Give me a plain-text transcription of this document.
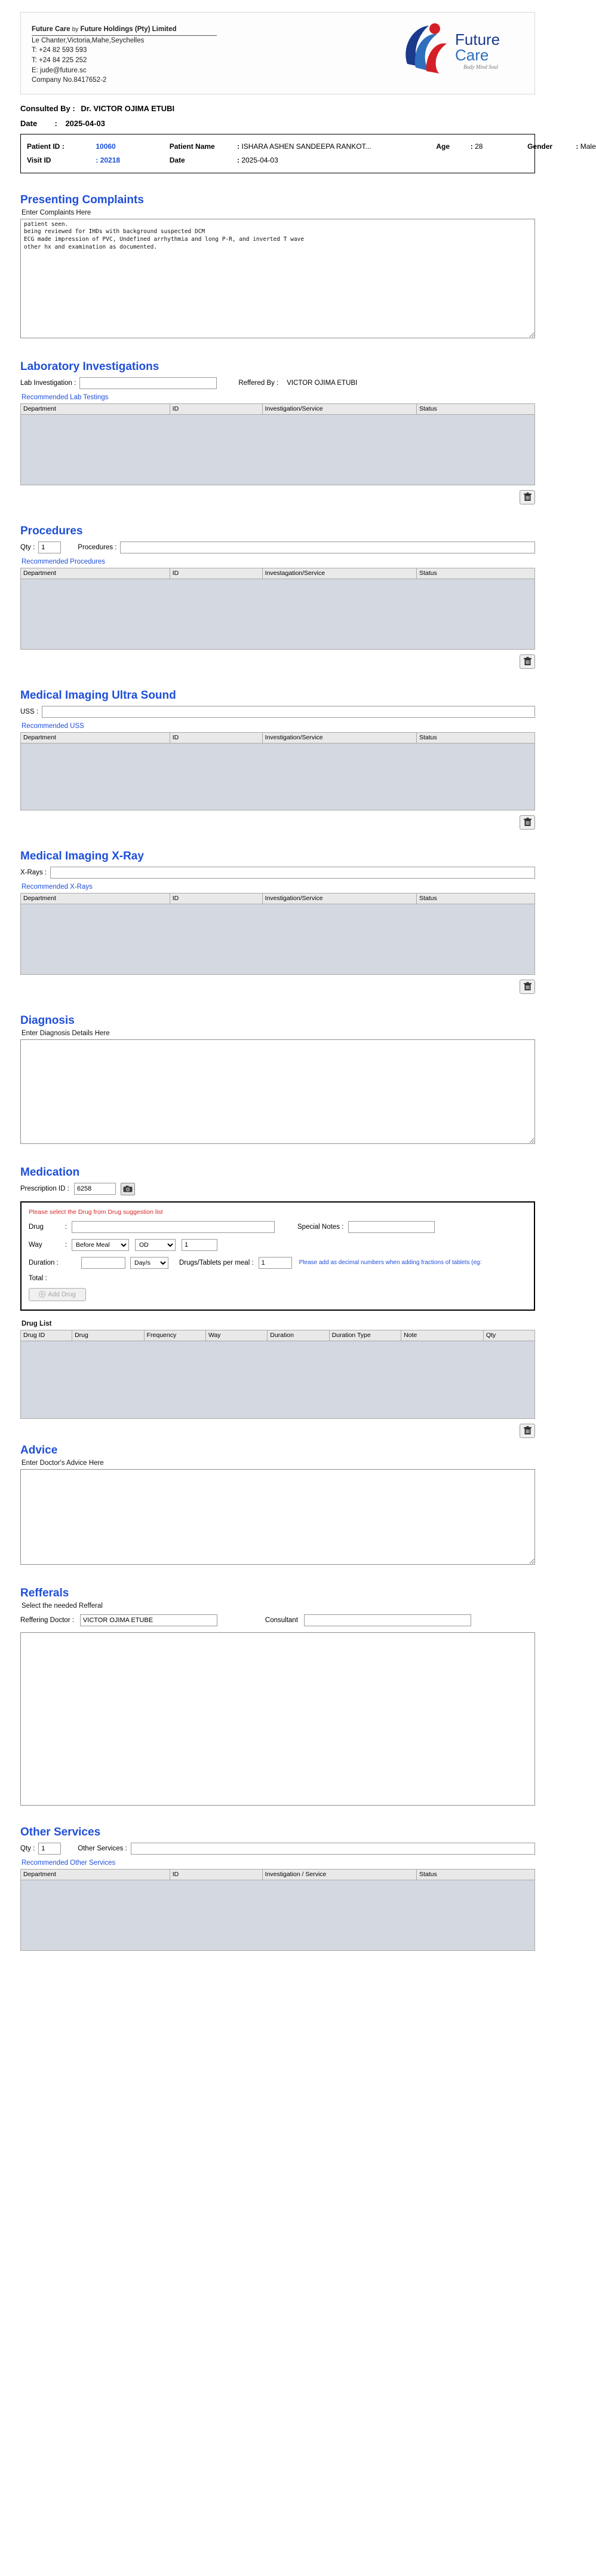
Future Care by Future Holdings (Pty) Limited
Le Chanter,Victoria,Mahe,Seychelles
T: +24 82 593 593
T: +24 84 225 252
E: jude@future.sc
Company No.8417652-2
Future
Care
Body Mind Soul
Consulted By : Dr. VICTOR OJIMA ETUBI
Date : 2025-04-03
Patient ID :	10060	Patient Name	: ISHARA ASHEN SANDEEPA RANKOT...	Age	: 28	Gender	: Male
Visit ID	: 20218	Date	: 2025-04-03
Presenting Complaints
Enter Complaints Here
patient seen. being reviewed for IHDs with background suspected DCM ECG made impression of PVC, Undefined arrhythmia and long P-R, and inverted T wave other hx and examination as documented.
Laboratory Investigations
Lab Investigation :	Reffered By : VICTOR OJIMA ETUBI
Recommended Lab Testings
Department	ID	Investigation/Service	Status
Procedures
Qty :
1	Procedures :
Recommended Procedures
Department	ID	Investagation/Service	Status
Medical Imaging Ultra Sound
USS :
Recommended USS
Department	ID	Investigation/Service	Status
Medical Imaging X-Ray
X-Rays :
Recommended X-Rays
Department	ID	Investigation/Service	Status
Diagnosis
Enter Diagnosis Details Here
Medication
Prescription ID :
6258
Please select the Drug from Drug suggestion list
Drug	:	Special Notes :
Way	:
Before Meal
OD
1
Duration :
Day/s	Drugs/Tablets per meal :
1	Please add as decimal numbers when adding fractions of tablets (eg:
Total :
Add Drug
Drug List
Drug ID	Drug	Frequency	Way	Duration	Duration Type	Note	Qty
Advice
Enter Doctor's Advice Here
Refferals
Select the needed Refferal
Reffering Doctor :
VICTOR OJIMA ETUBE	Consultant
Other Services
Qty :
1	Other Services :
Recommended Other Services
Department	ID	Investigation / Service	Status
